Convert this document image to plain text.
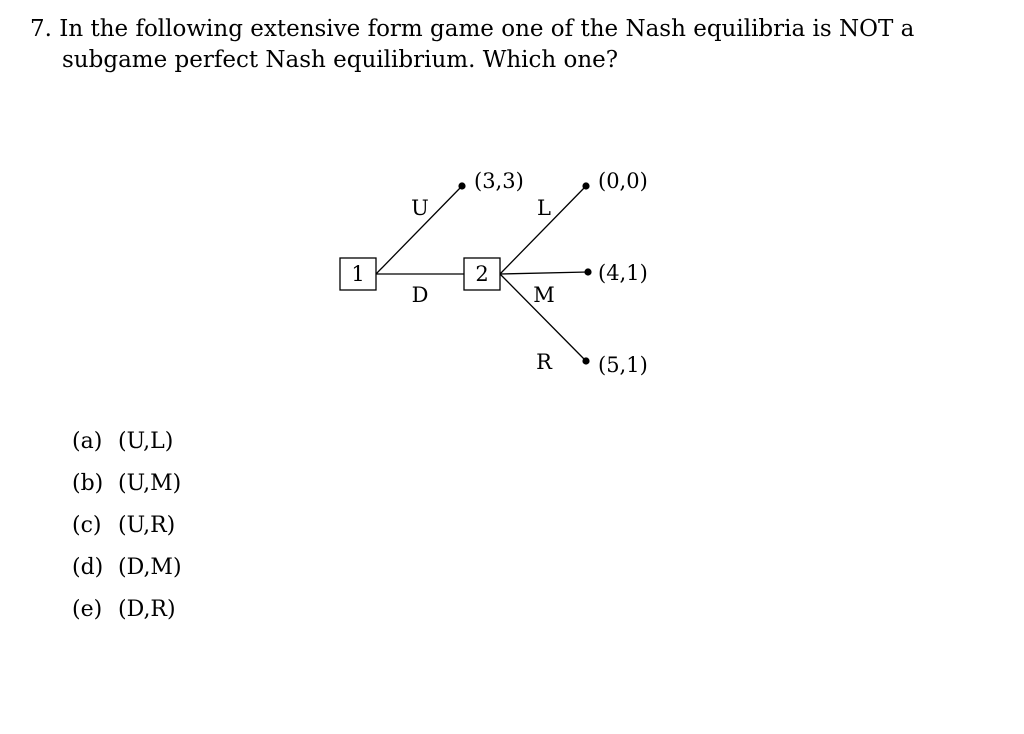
7. In the following extensive form game one of the Nash equilibria is NOT a
subgame perfect Nash equilibrium. Which one?
1	2
U
D
L
M
R
(3,3)	(0,0)
(4,1)
(5,1)
(a) (U,L)
(b) (U,M)
(c) (U,R)
(d) (D,M)
(e) (D,R)
